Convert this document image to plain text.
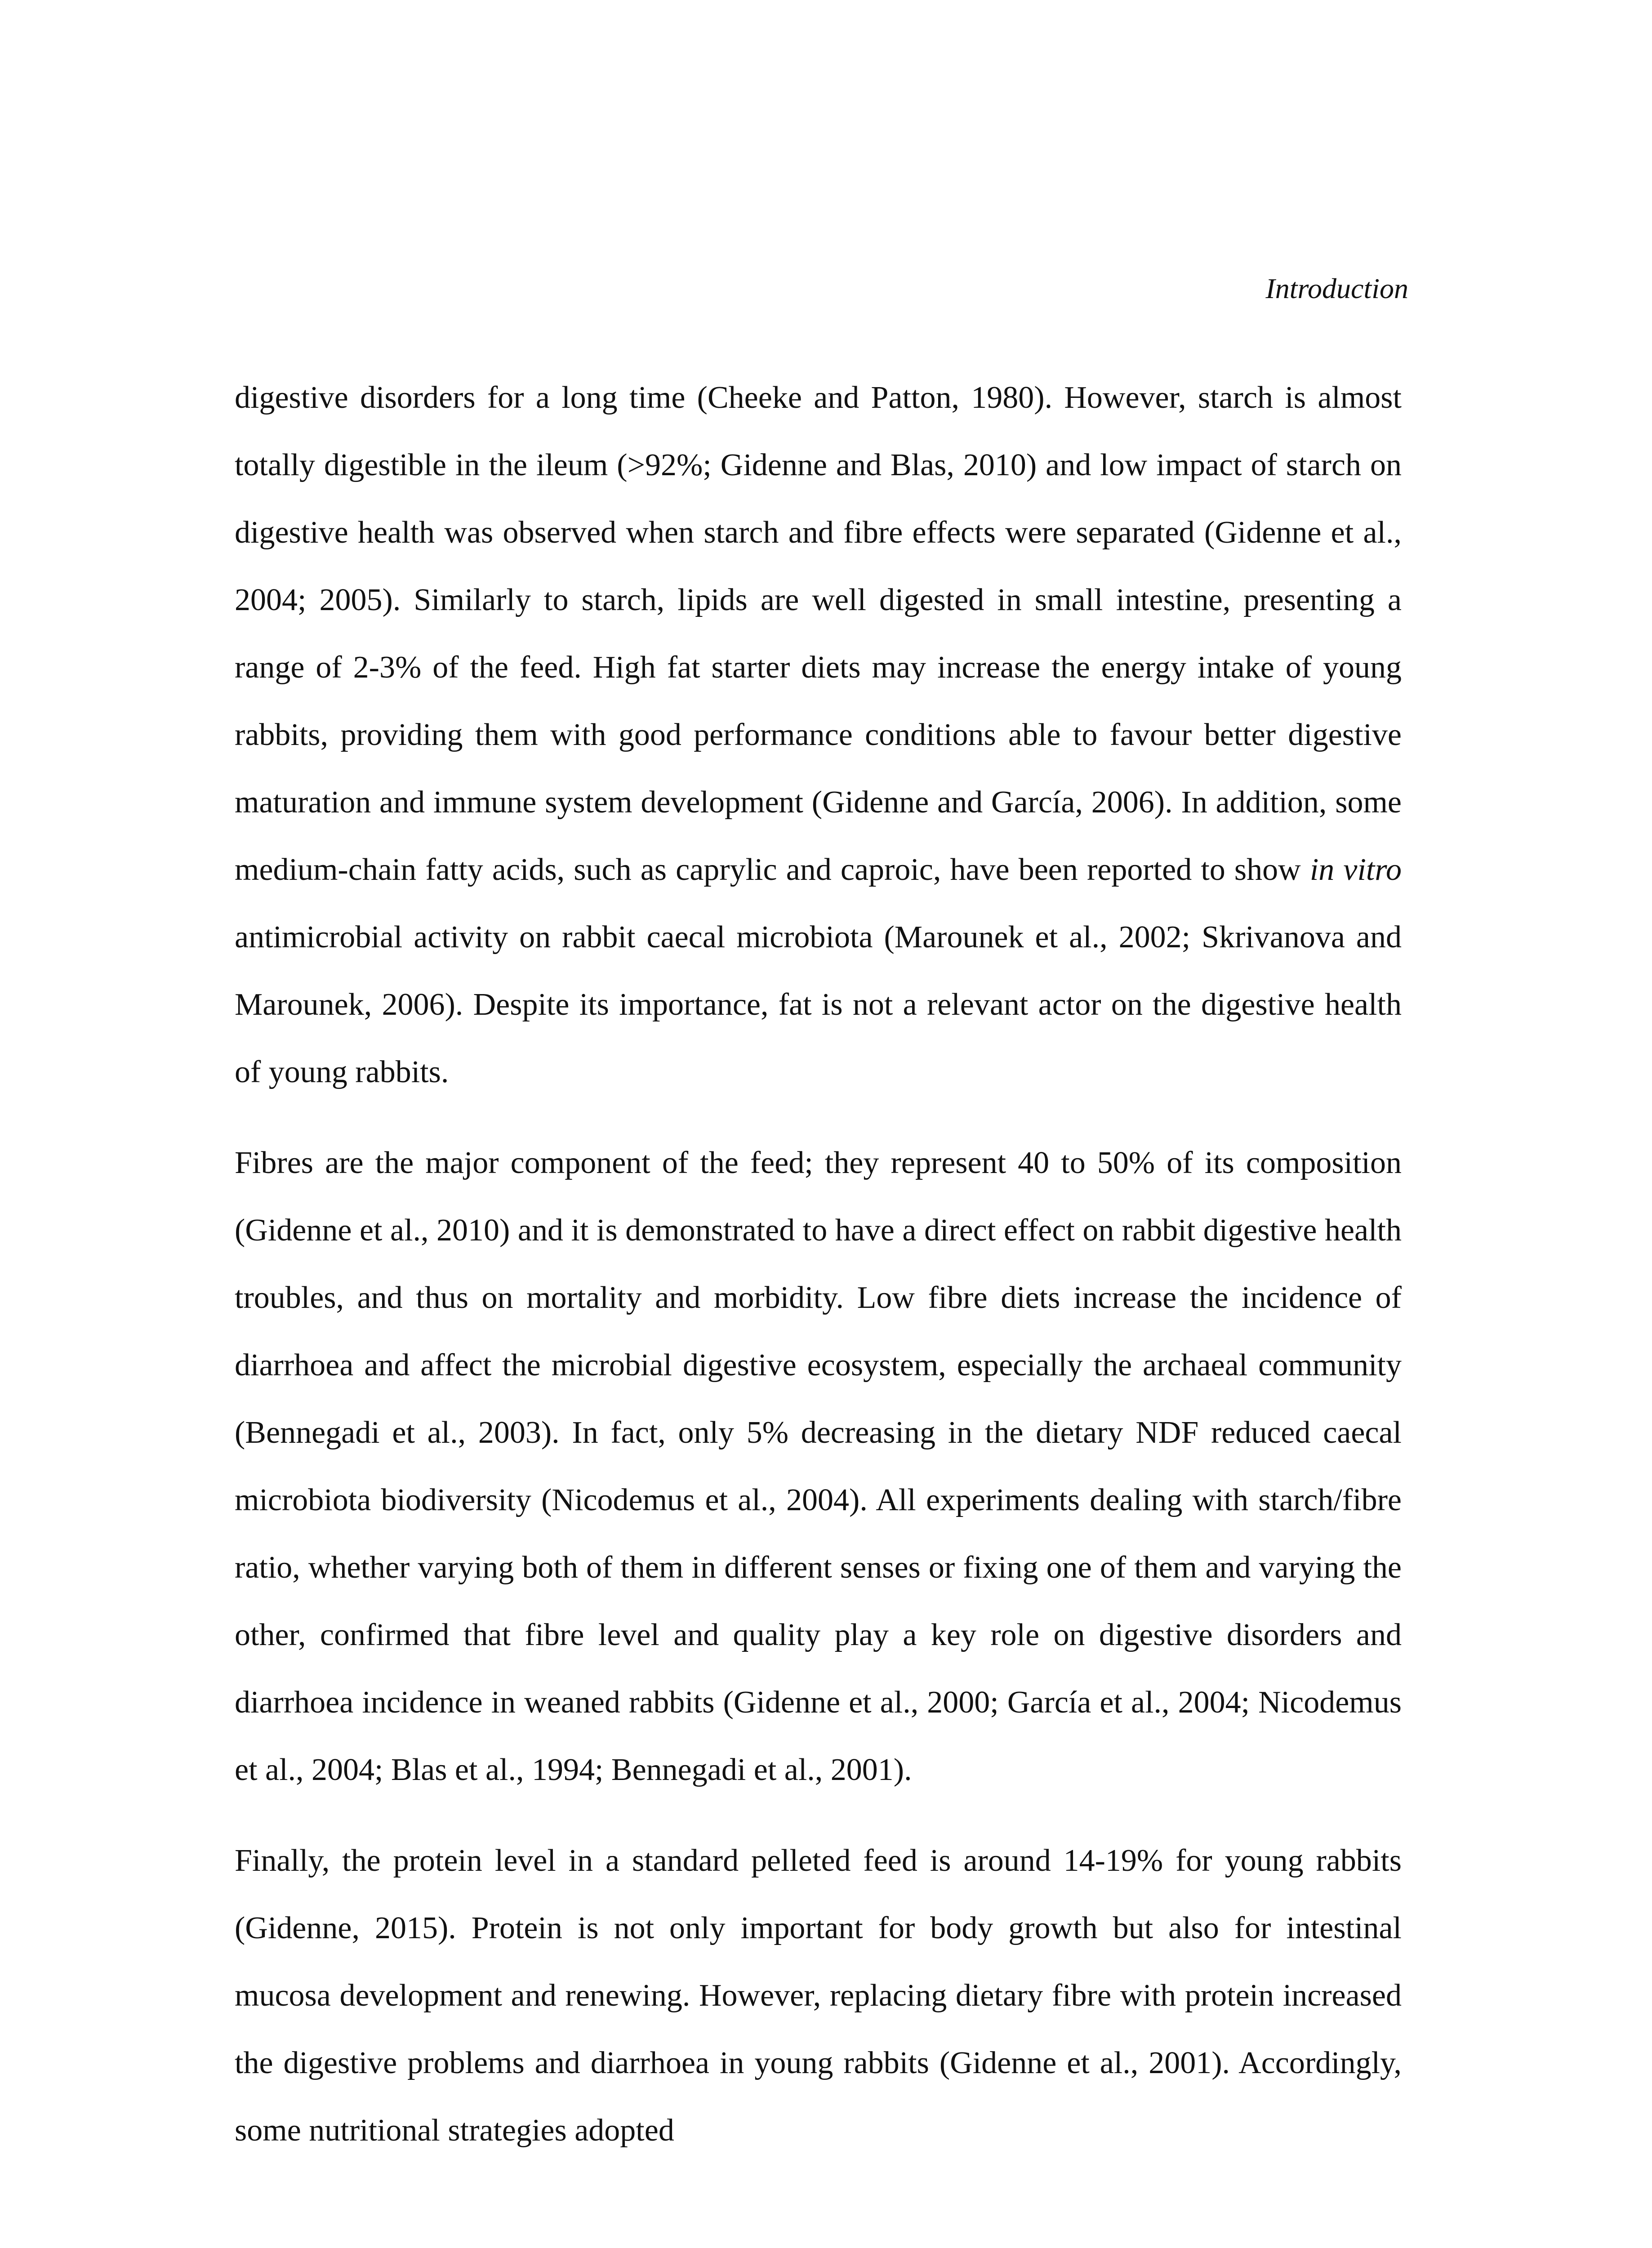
Introduction

digestive disorders for a long time (Cheeke and Patton, 1980). However, starch is almost totally digestible in the ileum (>92%; Gidenne and Blas, 2010) and low impact of starch on digestive health was observed when starch and fibre effects were separated (Gidenne et al., 2004; 2005). Similarly to starch, lipids are well digested in small intestine, presenting a range of 2-3% of the feed. High fat starter diets may increase the energy intake of young rabbits, providing them with good performance conditions able to favour better digestive maturation and immune system development (Gidenne and García, 2006). In addition, some medium-chain fatty acids, such as caprylic and caproic, have been reported to show in vitro antimicrobial activity on rabbit caecal microbiota (Marounek et al., 2002; Skrivanova and Marounek, 2006). Despite its importance, fat is not a relevant actor on the digestive health of young rabbits.

Fibres are the major component of the feed; they represent 40 to 50% of its composition (Gidenne et al., 2010) and it is demonstrated to have a direct effect on rabbit digestive health troubles, and thus on mortality and morbidity. Low fibre diets increase the incidence of diarrhoea and affect the microbial digestive ecosystem, especially the archaeal community (Bennegadi et al., 2003). In fact, only 5% decreasing in the dietary NDF reduced caecal microbiota biodiversity (Nicodemus et al., 2004). All experiments dealing with starch/fibre ratio, whether varying both of them in different senses or fixing one of them and varying the other, confirmed that fibre level and quality play a key role on digestive disorders and diarrhoea incidence in weaned rabbits (Gidenne et al., 2000; García et al., 2004; Nicodemus et al., 2004; Blas et al., 1994; Bennegadi et al., 2001).

Finally, the protein level in a standard pelleted feed is around 14-19% for young rabbits (Gidenne, 2015). Protein is not only important for body growth but also for intestinal mucosa development and renewing. However, replacing dietary fibre with protein increased the digestive problems and diarrhoea in young rabbits (Gidenne et al., 2001). Accordingly, some nutritional strategies adopted
